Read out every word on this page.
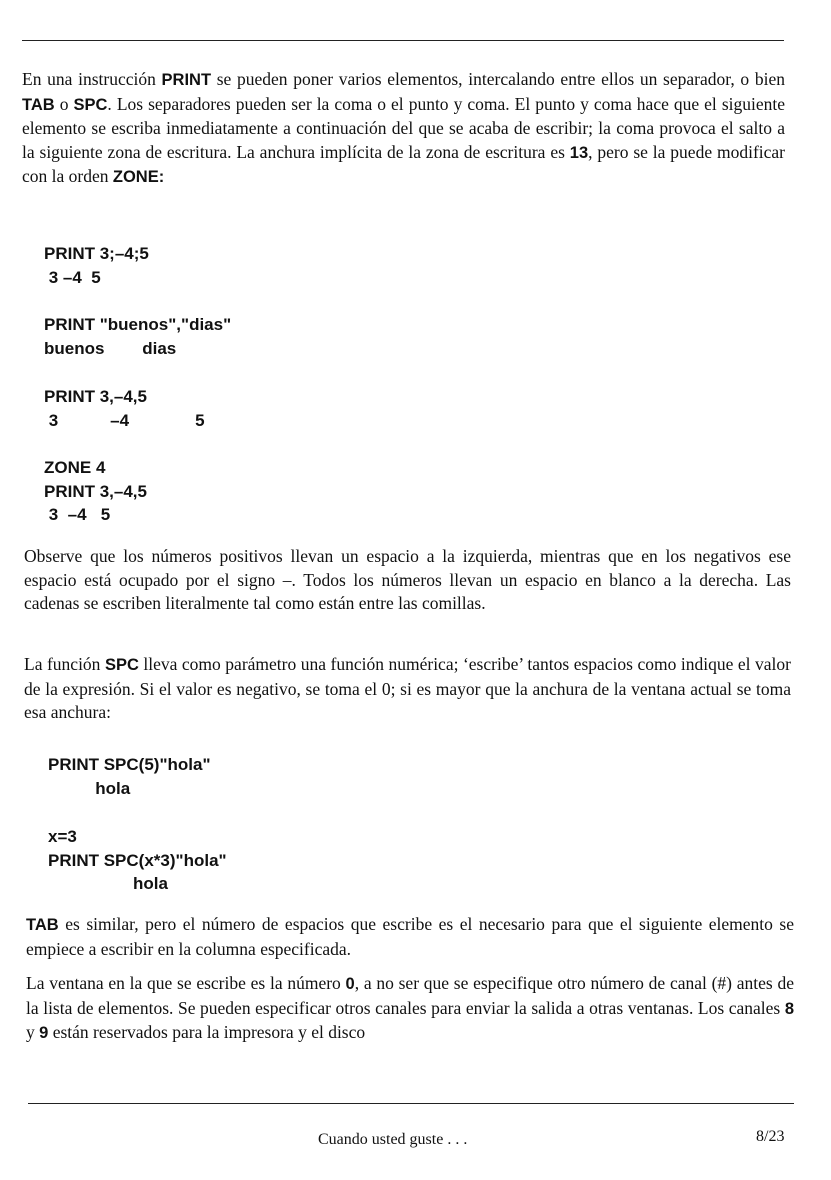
En una instrucción PRINT se pueden poner varios elementos, intercalando entre ellos un separador, o bien TAB o SPC. Los separadores pueden ser la coma o el punto y coma. El punto y coma hace que el siguiente elemento se escriba inmediatamente a continuación del que se acaba de escribir; la coma provoca el salto a la siguiente zona de escritura. La anchura implícita de la zona de escritura es 13, pero se la puede modificar con la orden ZONE:

PRINT 3;–4;5
3 –4  5
PRINT "buenos","dias"
buenos        dias
PRINT 3,–4,5
3           –4              5
ZONE 4
PRINT 3,–4,5
3  –4   5

Observe que los números positivos llevan un espacio a la izquierda, mientras que en los negativos ese espacio está ocupado por el signo –. Todos los números llevan un espacio en blanco a la derecha. Las cadenas se escriben literalmente tal como están entre las comillas.

La función SPC lleva como parámetro una función numérica; ‘escribe’ tantos espacios como indique el valor de la expresión. Si el valor es negativo, se toma el 0; si es mayor que la anchura de la ventana actual se toma esa anchura:

PRINT SPC(5)"hola"
hola
x=3
PRINT SPC(x*3)"hola"
hola

TAB es similar, pero el número de espacios que escribe es el necesario para que el siguiente elemento se empiece a escribir en la columna especificada.

La ventana en la que se escribe es la número 0, a no ser que se especifique otro número de canal (#) antes de la lista de elementos. Se pueden especificar otros canales para enviar la salida a otras ventanas. Los canales 8 y 9 están reservados para la impresora y el disco

Cuando usted guste . . .	8/23
